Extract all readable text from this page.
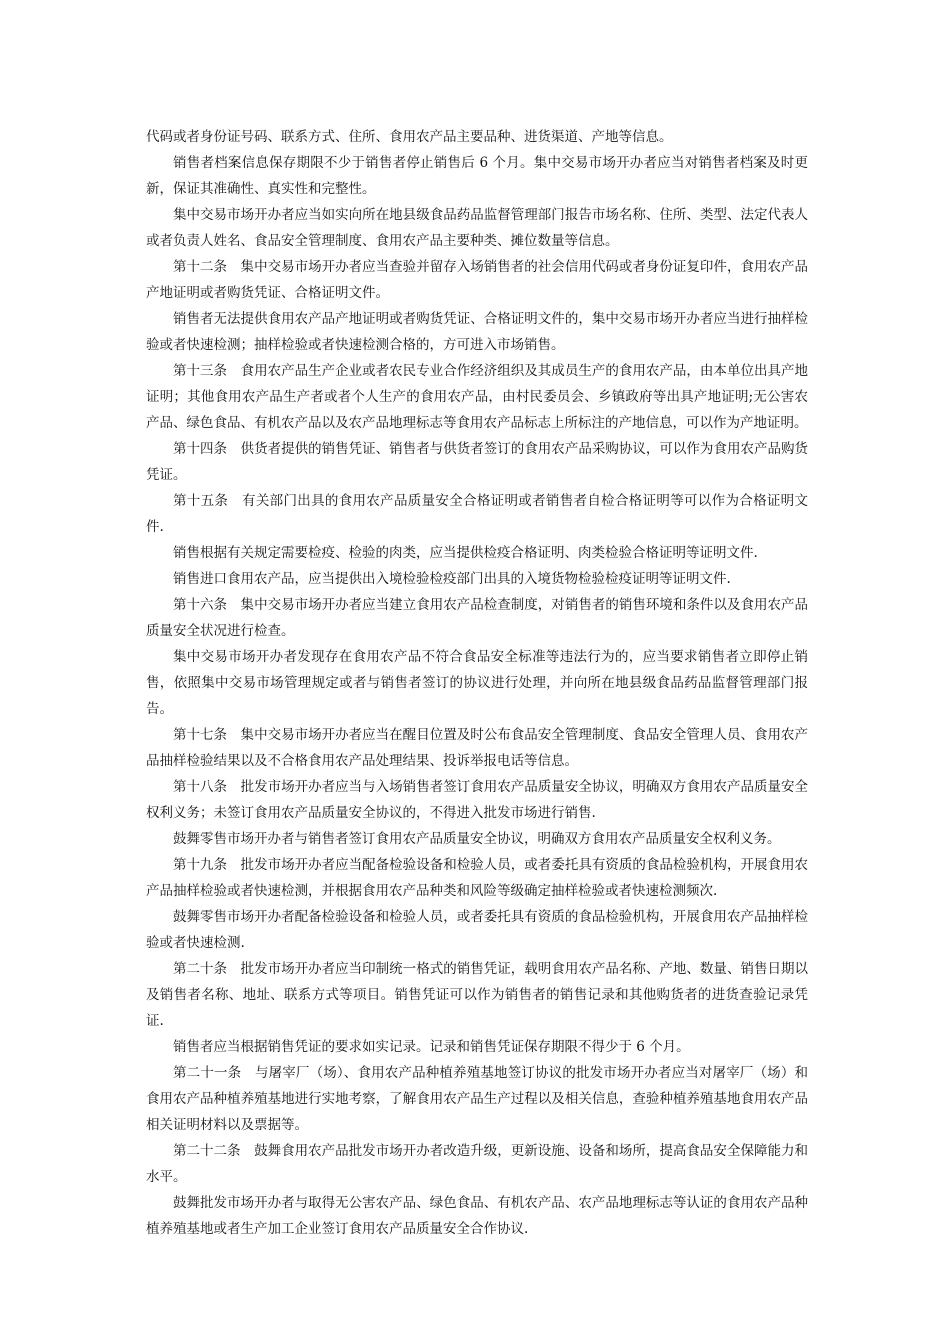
代码或者身份证号码、联系方式、住所、食用农产品主要品种、进货渠道、产地等信息。

销售者档案信息保存期限不少于销售者停止销售后 6 个月。集中交易市场开办者应当对销售者档案及时更新，保证其准确性、真实性和完整性。

集中交易市场开办者应当如实向所在地县级食品药品监督管理部门报告市场名称、住所、类型、法定代表人或者负责人姓名、食品安全管理制度、食用农产品主要种类、摊位数量等信息。

第十二条　集中交易市场开办者应当查验并留存入场销售者的社会信用代码或者身份证复印件，食用农产品产地证明或者购货凭证、合格证明文件。

销售者无法提供食用农产品产地证明或者购货凭证、合格证明文件的，集中交易市场开办者应当进行抽样检验或者快速检测；抽样检验或者快速检测合格的，方可进入市场销售。

第十三条　食用农产品生产企业或者农民专业合作经济组织及其成员生产的食用农产品，由本单位出具产地证明；其他食用农产品生产者或者个人生产的食用农产品，由村民委员会、乡镇政府等出具产地证明;无公害农产品、绿色食品、有机农产品以及农产品地理标志等食用农产品标志上所标注的产地信息，可以作为产地证明。

第十四条　供货者提供的销售凭证、销售者与供货者签订的食用农产品采购协议，可以作为食用农产品购货凭证。

第十五条　有关部门出具的食用农产品质量安全合格证明或者销售者自检合格证明等可以作为合格证明文件.

销售根据有关规定需要检疫、检验的肉类，应当提供检疫合格证明、肉类检验合格证明等证明文件.

销售进口食用农产品，应当提供出入境检验检疫部门出具的入境货物检验检疫证明等证明文件.

第十六条　集中交易市场开办者应当建立食用农产品检查制度，对销售者的销售环境和条件以及食用农产品质量安全状况进行检查。

集中交易市场开办者发现存在食用农产品不符合食品安全标准等违法行为的，应当要求销售者立即停止销售，依照集中交易市场管理规定或者与销售者签订的协议进行处理，并向所在地县级食品药品监督管理部门报告。

第十七条　集中交易市场开办者应当在醒目位置及时公布食品安全管理制度、食品安全管理人员、食用农产品抽样检验结果以及不合格食用农产品处理结果、投诉举报电话等信息。

第十八条　批发市场开办者应当与入场销售者签订食用农产品质量安全协议，明确双方食用农产品质量安全权利义务；未签订食用农产品质量安全协议的，不得进入批发市场进行销售.

鼓舞零售市场开办者与销售者签订食用农产品质量安全协议，明确双方食用农产品质量安全权利义务。

第十九条　批发市场开办者应当配备检验设备和检验人员，或者委托具有资质的食品检验机构，开展食用农产品抽样检验或者快速检测，并根据食用农产品种类和风险等级确定抽样检验或者快速检测频次.

鼓舞零售市场开办者配备检验设备和检验人员，或者委托具有资质的食品检验机构，开展食用农产品抽样检验或者快速检测.

第二十条　批发市场开办者应当印制统一格式的销售凭证，载明食用农产品名称、产地、数量、销售日期以及销售者名称、地址、联系方式等项目。销售凭证可以作为销售者的销售记录和其他购货者的进货查验记录凭证.

销售者应当根据销售凭证的要求如实记录。记录和销售凭证保存期限不得少于 6 个月。

第二十一条　与屠宰厂（场）、食用农产品种植养殖基地签订协议的批发市场开办者应当对屠宰厂（场）和食用农产品种植养殖基地进行实地考察，了解食用农产品生产过程以及相关信息，查验种植养殖基地食用农产品相关证明材料以及票据等。

第二十二条　鼓舞食用农产品批发市场开办者改造升级，更新设施、设备和场所，提高食品安全保障能力和水平。

鼓舞批发市场开办者与取得无公害农产品、绿色食品、有机农产品、农产品地理标志等认证的食用农产品种植养殖基地或者生产加工企业签订食用农产品质量安全合作协议.
